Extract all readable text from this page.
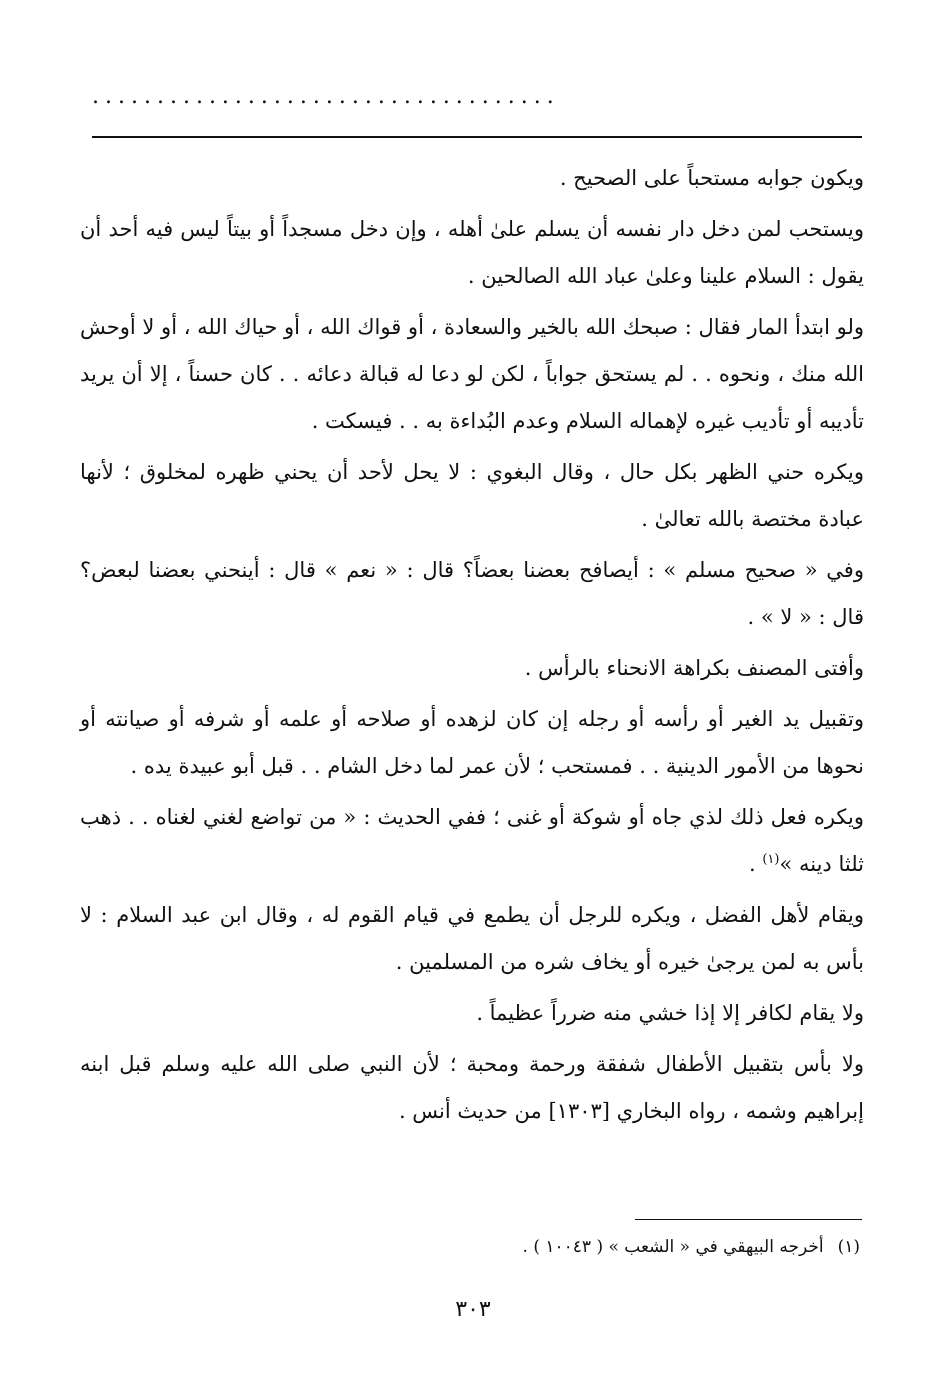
....................................

ويكون جوابه مستحباً على الصحيح .

ويستحب لمن دخل دار نفسه أن يسلم علىٰ أهله ، وإن دخل مسجداً أو بيتاً ليس فيه أحد أن يقول : السلام علينا وعلىٰ عباد الله الصالحين .

ولو ابتدأ المار فقال : صبحك الله بالخير والسعادة ، أو قواك الله ، أو حياك الله ، أو لا أوحش الله منك ، ونحوه . . لم يستحق جواباً ، لكن لو دعا له قبالة دعائه . . كان حسناً ، إلا أن يريد تأديبه أو تأديب غيره لإهماله السلام وعدم البُداءة به . . فيسكت .

ويكره حني الظهر بكل حال ، وقال البغوي : لا يحل لأحد أن يحني ظهره لمخلوق ؛ لأنها عبادة مختصة بالله تعالىٰ .

وفي « صحيح مسلم » : أيصافح بعضنا بعضاً؟ قال : « نعم » قال : أينحني بعضنا لبعض؟ قال : « لا » .

وأفتى المصنف بكراهة الانحناء بالرأس .

وتقبيل يد الغير أو رأسه أو رجله إن كان لزهده أو صلاحه أو علمه أو شرفه أو صيانته أو نحوها من الأمور الدينية . . فمستحب ؛ لأن عمر لما دخل الشام . . قبل أبو عبيدة يده .

ويكره فعل ذلك لذي جاه أو شوكة أو غنى ؛ ففي الحديث : « من تواضع لغني لغناه . . ذهب ثلثا دينه »$^{(١)}$ .

ويقام لأهل الفضل ، ويكره للرجل أن يطمع في قيام القوم له ، وقال ابن عبد السلام : لا بأس به لمن يرجىٰ خيره أو يخاف شره من المسلمين .

ولا يقام لكافر إلا إذا خشي منه ضرراً عظيماً .

ولا بأس بتقبيل الأطفال شفقة ورحمة ومحبة ؛ لأن النبي صلى الله عليه وسلم قبل ابنه إبراهيم وشمه ، رواه البخاري [١٣٠٣] من حديث أنس .

(١)أخرجه البيهقي في « الشعب » ( ١٠٠٤٣ ) .
٣٠٣
